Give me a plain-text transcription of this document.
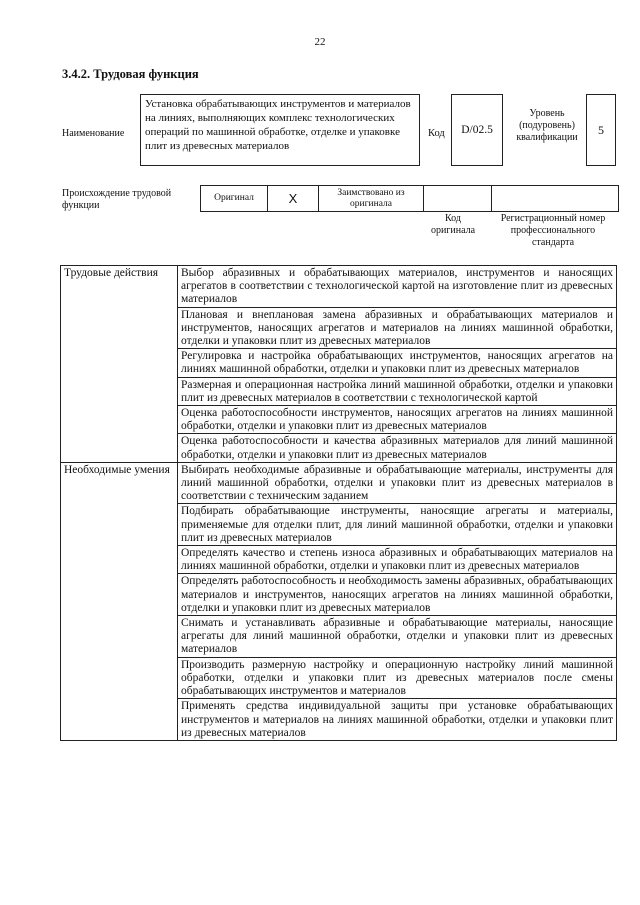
22
3.4.2. Трудовая функция
Наименование
Установка обрабатывающих инструментов и материалов на линиях, выполняющих комплекс технологических операций по машинной обработке, отделке и упаковке плит из древесных материалов
Код	D/02.5
Уровень (подуровень) квалификации
5
Происхождение трудовой функции
Оригинал	X	Заимствовано из оригинала		
Код оригинала
Регистрационный номер профессионального стандарта
Трудовые действия	Выбор абразивных и обрабатывающих материалов, инструментов и наносящих агрегатов в соответствии с технологической картой на изготовление плит из древесных материалов
	Плановая и внеплановая замена абразивных и обрабатывающих материалов и инструментов, наносящих агрегатов и материалов на линиях машинной обработки, отделки и упаковки плит из древесных материалов
	Регулировка и настройка обрабатывающих инструментов, наносящих агрегатов на линиях машинной обработки, отделки и упаковки плит из древесных материалов
	Размерная и операционная настройка линий машинной обработки, отделки и упаковки плит из древесных материалов в соответствии с технологической картой
	Оценка работоспособности инструментов, наносящих агрегатов на линиях машинной обработки, отделки и упаковки плит из древесных материалов
	Оценка работоспособности и качества абразивных материалов для линий машинной обработки, отделки и упаковки плит из древесных материалов
Необходимые умения	Выбирать необходимые абразивные и обрабатывающие материалы, инструменты для линий машинной обработки, отделки и упаковки плит из древесных материалов в соответствии с техническим заданием
	Подбирать обрабатывающие инструменты, наносящие агрегаты и материалы, применяемые для отделки плит, для линий машинной обработки, отделки и упаковки плит из древесных материалов
	Определять качество и степень износа абразивных и обрабатывающих материалов на линиях машинной обработки, отделки и упаковки плит из древесных материалов
	Определять работоспособность и необходимость замены абразивных, обрабатывающих материалов и инструментов, наносящих агрегатов на линиях машинной обработки, отделки и упаковки плит из древесных материалов
	Снимать и устанавливать абразивные и обрабатывающие материалы, наносящие агрегаты для линий машинной обработки, отделки и упаковки плит из древесных материалов
	Производить размерную настройку и операционную настройку линий машинной обработки, отделки и упаковки плит из древесных материалов после смены обрабатывающих инструментов и материалов
	Применять средства индивидуальной защиты при установке обрабатывающих инструментов и материалов на линиях машинной обработки, отделки и упаковки плит из древесных материалов
